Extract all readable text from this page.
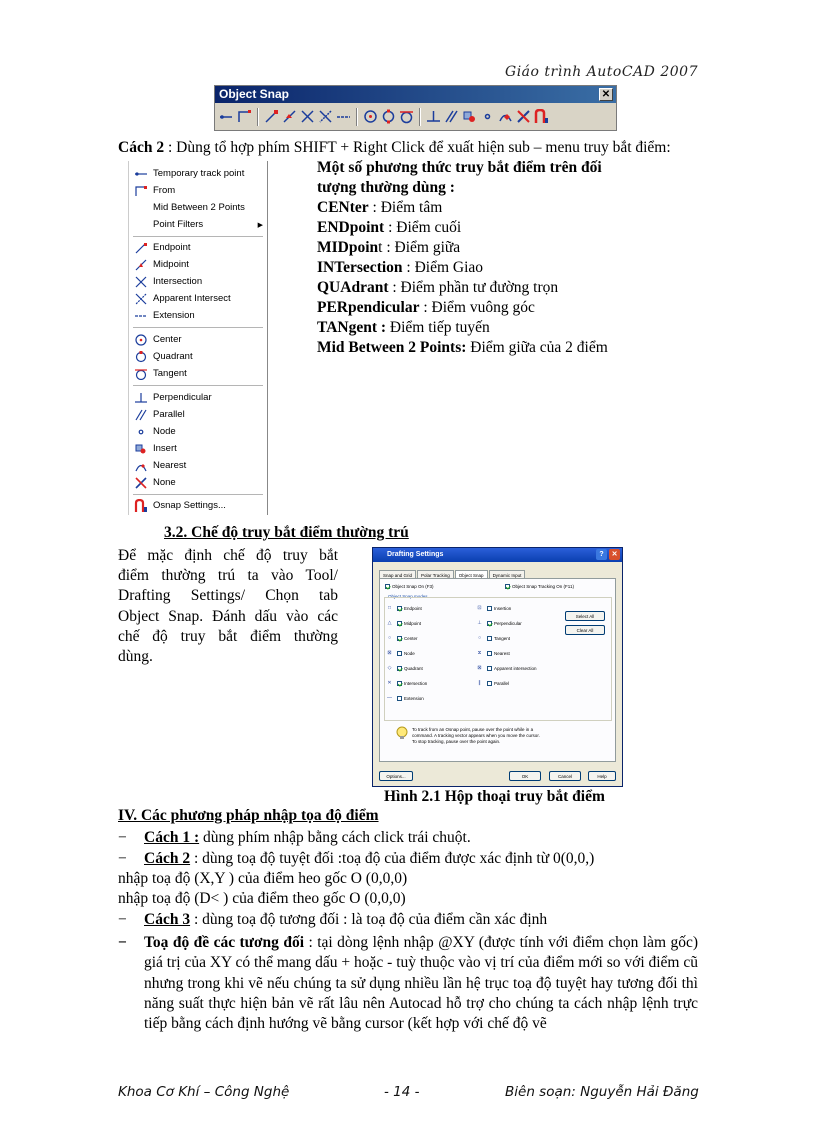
Giáo trình AutoCAD 2007
Object Snap	✕
Cách 2 : Dùng tổ hợp phím SHIFT + Right Click để xuất hiện sub – menu truy bắt điểm:
Temporary track point
From
Mid Between 2 Points
Point Filters	▶
Endpoint
Midpoint
Intersection
Apparent Intersect
Extension
Center
Quadrant
Tangent
Perpendicular
Parallel
Node
Insert
Nearest
None
Osnap Settings...

Một số phương thức truy bắt điểm trên đối

tượng thường dùng :

CENter : Điểm tâm

ENDpoint : Điểm cuối

MIDpoint : Điểm giữa

INTersection : Điểm Giao

QUAdrant : Điểm phần tư đường trọn

PERpendicular : Điểm vuông góc

TANgent : Điểm tiếp tuyến

Mid Between 2 Points: Điểm giữa của 2 điểm

3.2. Chế độ truy bắt điểm thường trú
Để mặc định chế độ truy bắt
điểm thường trú ta vào Tool/
Drafting Settings/ Chọn tab
Object Snap. Đánh dấu vào các
chế độ truy bắt điểm thường
dùng.
Drafting Settings	?	✕
Snap and Grid	Polar Tracking	Object Snap	Dynamic Input
Object Snap On (F3)	Object Snap Tracking On (F11)
Object Snap modes
□	Endpoint
△	Midpoint
○	Center
⊠	Node
◇	Quadrant
✕	Intersection
—	Extension
⊡	Insertion
⊥	Perpendicular
○	Tangent
⧖	Nearest
⊠	Apparent intersection
∥	Parallel
Select All
Clear All
To track from an Osnap point, pause over the point while in a
command. A tracking vector appears when you move the cursor.
To stop tracking, pause over the point again.
Options...	OK	Cancel	Help
Hình 2.1 Hộp thoại truy bắt điểm
IV. Các phương pháp nhập tọa độ điểm
− Cách 1 : dùng phím nhập bằng cách click trái chuột.
− Cách 2 : dùng toạ độ tuyệt đối :toạ độ của điểm được xác định từ 0(0,0,)
nhập toạ độ (X,Y ) của điểm heo gốc O (0,0,0)
nhập toạ độ (D< ) của điểm theo gốc O (0,0,0)
− Cách 3 : dùng toạ độ tương đối : là toạ độ của điểm cần xác định
−	Toạ độ đề các tương đối : tại dòng lệnh nhập @XY (được tính với điểm chọn làm gốc) giá trị của XY có thể mang dấu + hoặc - tuỳ thuộc vào vị trí của điểm mới so với điểm cũ nhưng trong khi vẽ nếu chúng ta sử dụng nhiều lần hệ trục toạ độ tuyệt hay tương đối thì năng suất thực hiện bản vẽ rất lâu nên Autocad hỗ trợ cho chúng ta cách nhập lệnh trực tiếp bằng cách định hướng vẽ bằng cursor (kết hợp với chế độ vẽ
Khoa Cơ Khí – Công Nghệ	- 14 -	Biên soạn: Nguyễn Hải Đăng
